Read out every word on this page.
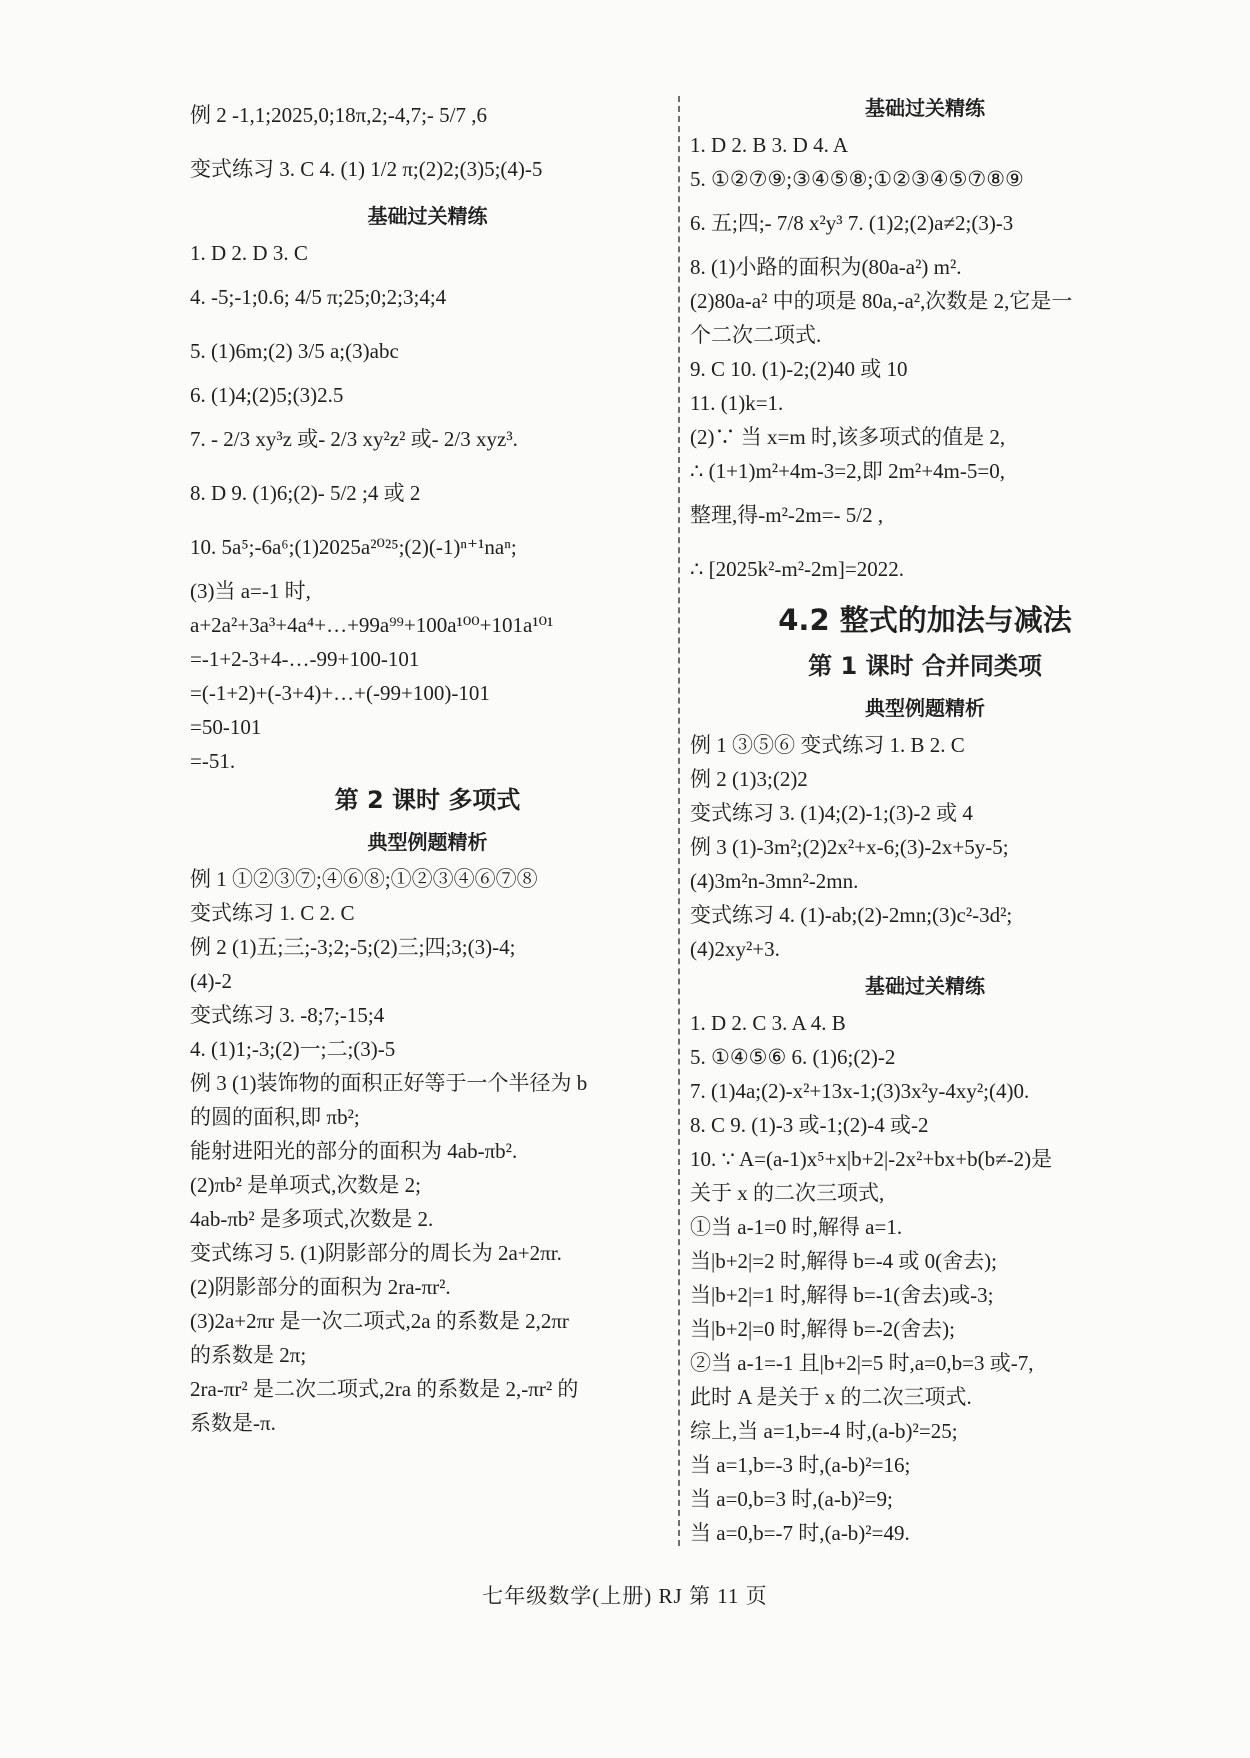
例 2 -1,1;2025,0;18π,2;-4,7;- 5/7 ,6
变式练习 3. C 4. (1) 1/2 π;(2)2;(3)5;(4)-5
基础过关精练
1. D 2. D 3. C
4. -5;-1;0.6; 4/5 π;25;0;2;3;4;4
5. (1)6m;(2) 3/5 a;(3)abc
6. (1)4;(2)5;(3)2.5
7. - 2/3 xy³z 或- 2/3 xy²z² 或- 2/3 xyz³.
8. D 9. (1)6;(2)- 5/2 ;4 或 2
10. 5a⁵;-6a⁶;(1)2025a²⁰²⁵;(2)(-1)ⁿ⁺¹naⁿ;
(3)当 a=-1 时,
a+2a²+3a³+4a⁴+…+99a⁹⁹+100a¹⁰⁰+101a¹⁰¹
=-1+2-3+4-…-99+100-101
=(-1+2)+(-3+4)+…+(-99+100)-101
=50-101
=-51.
第 2 课时 多项式
典型例题精析
例 1 ①②③⑦;④⑥⑧;①②③④⑥⑦⑧
变式练习 1. C 2. C
例 2 (1)五;三;-3;2;-5;(2)三;四;3;(3)-4;
(4)-2
变式练习 3. -8;7;-15;4
4. (1)1;-3;(2)一;二;(3)-5
例 3 (1)装饰物的面积正好等于一个半径为 b
的圆的面积,即 πb²;
能射进阳光的部分的面积为 4ab-πb².
(2)πb² 是单项式,次数是 2;
4ab-πb² 是多项式,次数是 2.
变式练习 5. (1)阴影部分的周长为 2a+2πr.
(2)阴影部分的面积为 2ra-πr².
(3)2a+2πr 是一次二项式,2a 的系数是 2,2πr
的系数是 2π;
2ra-πr² 是二次二项式,2ra 的系数是 2,-πr² 的
系数是-π.
基础过关精练
1. D 2. B 3. D 4. A
5. ①②⑦⑨;③④⑤⑧;①②③④⑤⑦⑧⑨
6. 五;四;- 7/8 x²y³ 7. (1)2;(2)a≠2;(3)-3
8. (1)小路的面积为(80a-a²) m².
(2)80a-a² 中的项是 80a,-a²,次数是 2,它是一
个二次二项式.
9. C 10. (1)-2;(2)40 或 10
11. (1)k=1.
(2)∵ 当 x=m 时,该多项式的值是 2,
∴ (1+1)m²+4m-3=2,即 2m²+4m-5=0,
整理,得-m²-2m=- 5/2 ,
∴ [2025k²-m²-2m]=2022.
4.2 整式的加法与减法
第 1 课时 合并同类项
典型例题精析
例 1 ③⑤⑥ 变式练习 1. B 2. C
例 2 (1)3;(2)2
变式练习 3. (1)4;(2)-1;(3)-2 或 4
例 3 (1)-3m²;(2)2x²+x-6;(3)-2x+5y-5;
(4)3m²n-3mn²-2mn.
变式练习 4. (1)-ab;(2)-2mn;(3)c²-3d²;
(4)2xy²+3.
基础过关精练
1. D 2. C 3. A 4. B
5. ①④⑤⑥ 6. (1)6;(2)-2
7. (1)4a;(2)-x²+13x-1;(3)3x²y-4xy²;(4)0.
8. C 9. (1)-3 或-1;(2)-4 或-2
10. ∵ A=(a-1)x⁵+x|b+2|-2x²+bx+b(b≠-2)是
关于 x 的二次三项式,
①当 a-1=0 时,解得 a=1.
当|b+2|=2 时,解得 b=-4 或 0(舍去);
当|b+2|=1 时,解得 b=-1(舍去)或-3;
当|b+2|=0 时,解得 b=-2(舍去);
②当 a-1=-1 且|b+2|=5 时,a=0,b=3 或-7,
此时 A 是关于 x 的二次三项式.
综上,当 a=1,b=-4 时,(a-b)²=25;
当 a=1,b=-3 时,(a-b)²=16;
当 a=0,b=3 时,(a-b)²=9;
当 a=0,b=-7 时,(a-b)²=49.
七年级数学(上册) RJ 第 11 页
